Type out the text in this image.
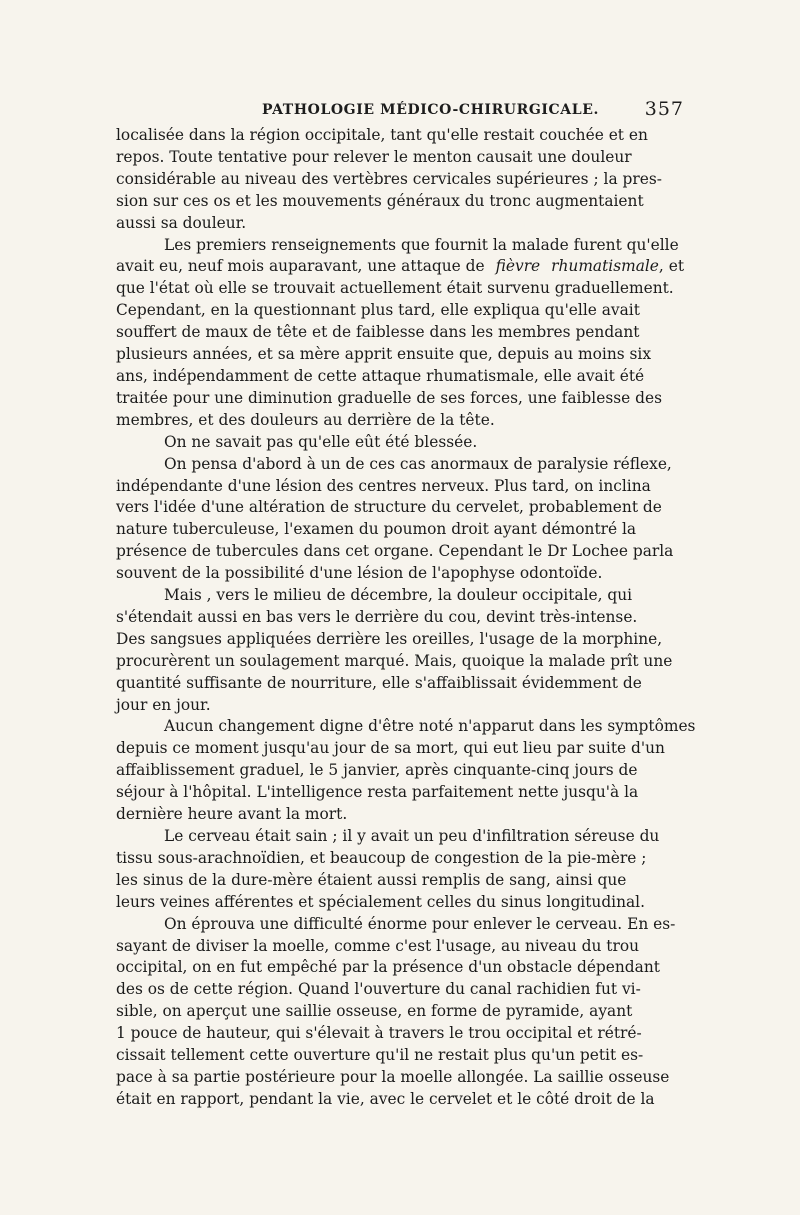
PATHOLOGIE MÉDICO-CHIRURGICALE. 357

localisée dans la région occipitale, tant qu'elle restait couchée et en

repos. Toute tentative pour relever le menton causait une douleur

considérable au niveau des vertèbres cervicales supérieures ; la pres-

sion sur ces os et les mouvements généraux du tronc augmentaient

aussi sa douleur.

Les premiers renseignements que fournit la malade furent qu'elle

avait eu, neuf mois auparavant, une attaque de fièvre rhumatismale, et

que l'état où elle se trouvait actuellement était survenu graduellement.

Cependant, en la questionnant plus tard, elle expliqua qu'elle avait

souffert de maux de tête et de faiblesse dans les membres pendant

plusieurs années, et sa mère apprit ensuite que, depuis au moins six

ans, indépendamment de cette attaque rhumatismale, elle avait été

traitée pour une diminution graduelle de ses forces, une faiblesse des

membres, et des douleurs au derrière de la tête.

On ne savait pas qu'elle eût été blessée.

On pensa d'abord à un de ces cas anormaux de paralysie réflexe,

indépendante d'une lésion des centres nerveux. Plus tard, on inclina

vers l'idée d'une altération de structure du cervelet, probablement de

nature tuberculeuse, l'examen du poumon droit ayant démontré la

présence de tubercules dans cet organe. Cependant le Dr Lochee parla

souvent de la possibilité d'une lésion de l'apophyse odontoïde.

Mais , vers le milieu de décembre, la douleur occipitale, qui

s'étendait aussi en bas vers le derrière du cou, devint très-intense.

Des sangsues appliquées derrière les oreilles, l'usage de la morphine,

procurèrent un soulagement marqué. Mais, quoique la malade prît une

quantité suffisante de nourriture, elle s'affaiblissait évidemment de

jour en jour.

Aucun changement digne d'être noté n'apparut dans les symptômes

depuis ce moment jusqu'au jour de sa mort, qui eut lieu par suite d'un

affaiblissement graduel, le 5 janvier, après cinquante-cinq jours de

séjour à l'hôpital. L'intelligence resta parfaitement nette jusqu'à la

dernière heure avant la mort.

Le cerveau était sain ; il y avait un peu d'infiltration séreuse du

tissu sous-arachnoïdien, et beaucoup de congestion de la pie-mère ;

les sinus de la dure-mère étaient aussi remplis de sang, ainsi que

leurs veines afférentes et spécialement celles du sinus longitudinal.

On éprouva une difficulté énorme pour enlever le cerveau. En es-

sayant de diviser la moelle, comme c'est l'usage, au niveau du trou

occipital, on en fut empêché par la présence d'un obstacle dépendant

des os de cette région. Quand l'ouverture du canal rachidien fut vi-

sible, on aperçut une saillie osseuse, en forme de pyramide, ayant

1 pouce de hauteur, qui s'élevait à travers le trou occipital et rétré-

cissait tellement cette ouverture qu'il ne restait plus qu'un petit es-

pace à sa partie postérieure pour la moelle allongée. La saillie osseuse

était en rapport, pendant la vie, avec le cervelet et le côté droit de la
